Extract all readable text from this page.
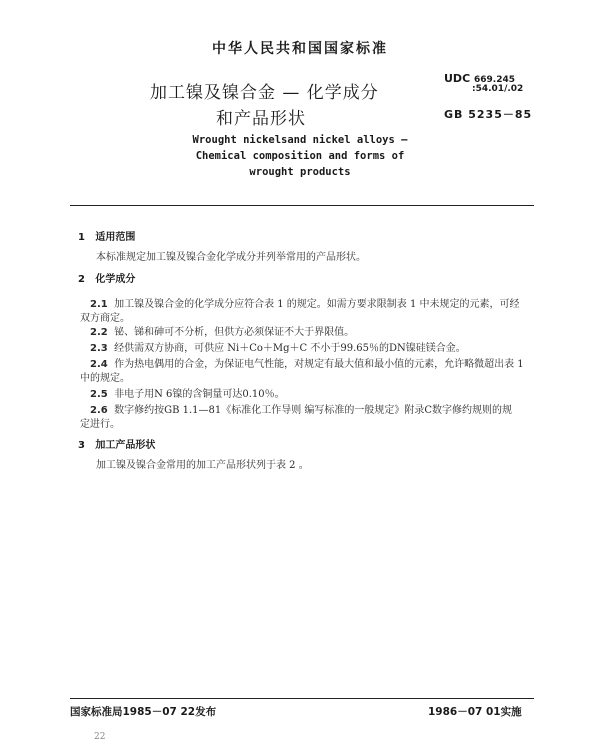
中华人民共和国国家标准
加工镍及镍合金 — 化学成分
和产品形状
UDC 669.245
:54.01/.02
GB 5235－85
Wrought nickelsand nickel alloys —
Chemical composition and forms of
wrought products
1 适用范围
本标准规定加工镍及镍合金化学成分并列举常用的产品形状。
2 化学成分
2.1 加工镍及镍合金的化学成分应符合表 1 的规定。如需方要求限制表 1 中未规定的元素，可经
双方商定。
2.2 铋、锑和砷可不分析，但供方必须保证不大于界限值。
2.3 经供需双方协商，可供应 Ni＋Co＋Mg＋C 不小于99.65％的DN镍硅镁合金。
2.4 作为热电偶用的合金，为保证电气性能，对规定有最大值和最小值的元素，允许略微超出表 1
中的规定。
2.5 非电子用N 6镍的含铜量可达0.10％。
2.6 数字修约按GB 1.1—81《标准化工作导则 编写标准的一般规定》附录C数字修约规则的规
定进行。
3 加工产品形状
加工镍及镍合金常用的加工产品形状列于表 2 。
国家标准局1985－07 22发布	1986－07 01实施
22
